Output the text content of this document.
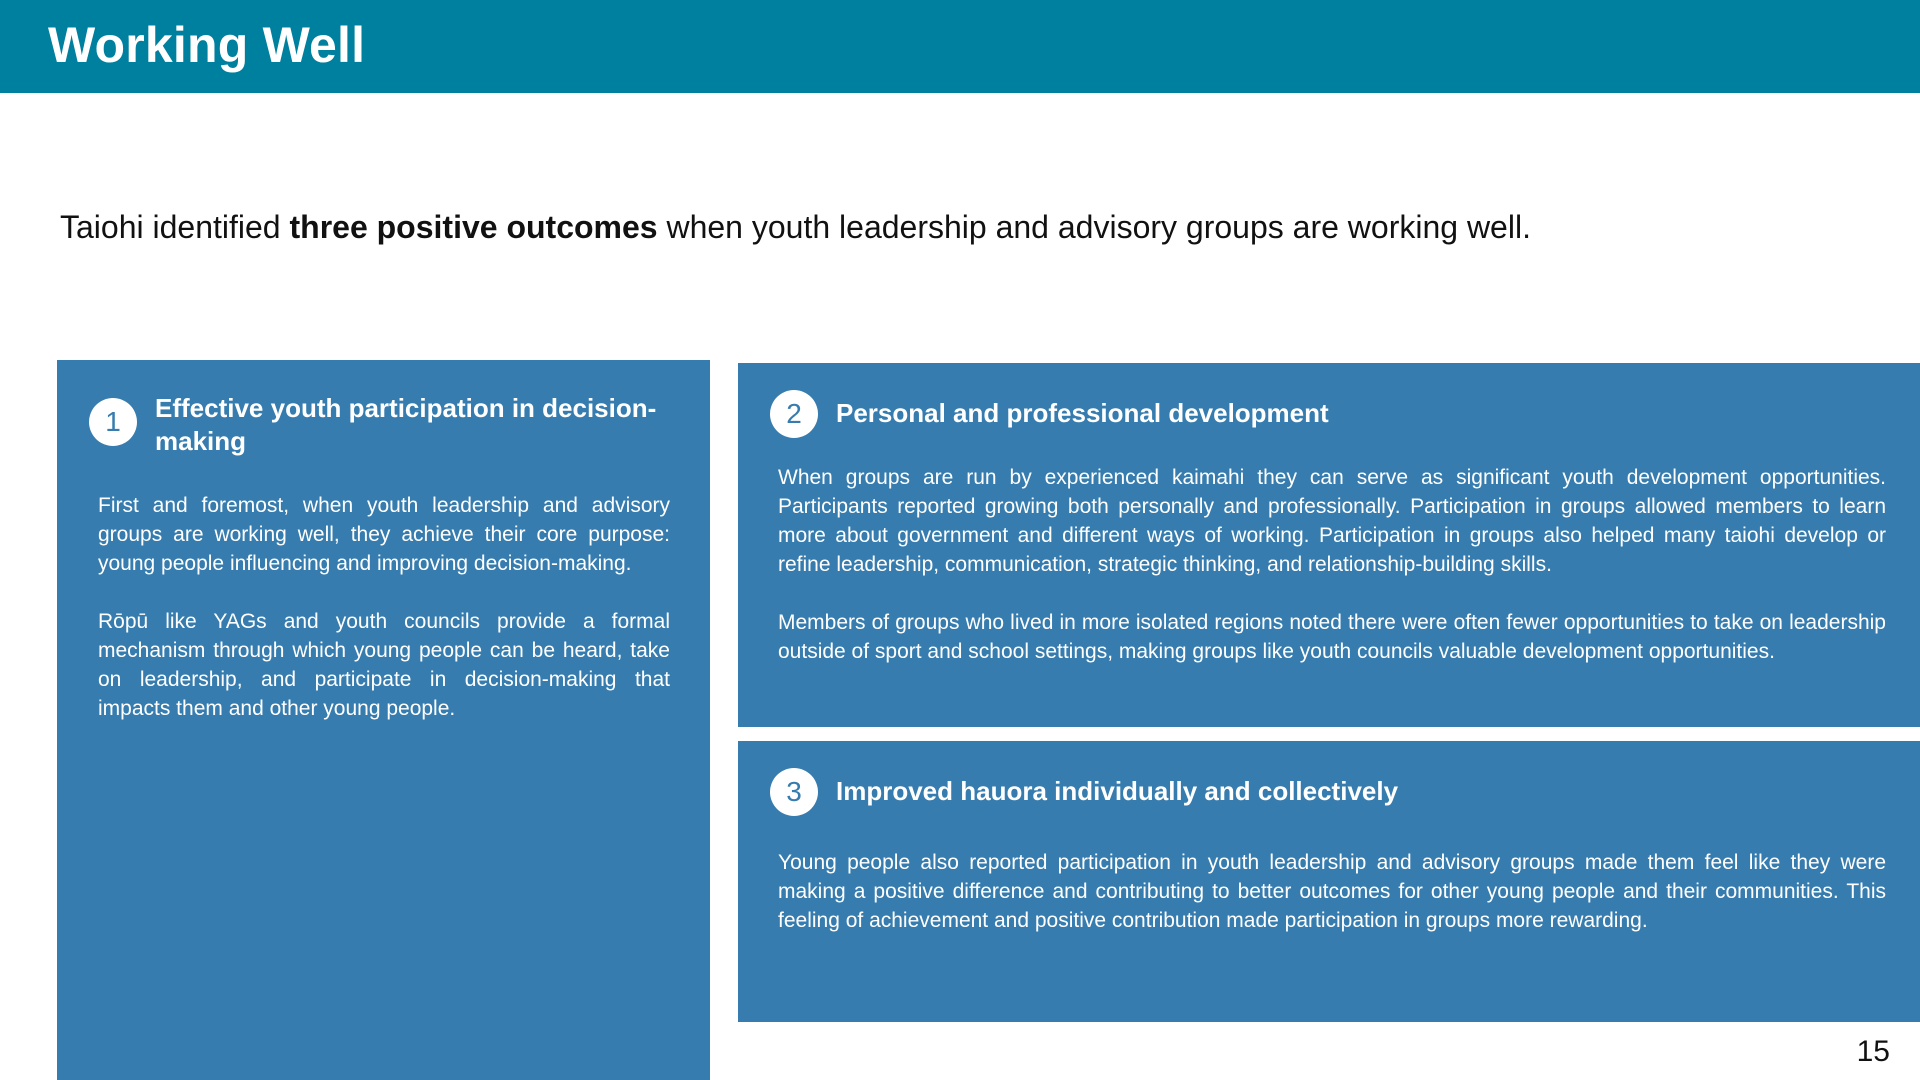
Working Well
Taiohi identified three positive outcomes when youth leadership and advisory groups are working well.
1	Effective youth participation in decision-making

First and foremost, when youth leadership and advisory groups are working well, they achieve their core purpose: young people influencing and improving decision-making.

Rōpū like YAGs and youth councils provide a formal mechanism through which young people can be heard, take on leadership, and participate in decision-making that impacts them and other young people.

2	Personal and professional development

When groups are run by experienced kaimahi they can serve as significant youth development opportunities. Participants reported growing both personally and professionally. Participation in groups allowed members to learn more about government and different ways of working. Participation in groups also helped many taiohi develop or refine leadership, communication, strategic thinking, and relationship-building skills.

Members of groups who lived in more isolated regions noted there were often fewer opportunities to take on leadership outside of sport and school settings, making groups like youth councils valuable development opportunities.

3	Improved hauora individually and collectively

Young people also reported participation in youth leadership and advisory groups made them feel like they were making a positive difference and contributing to better outcomes for other young people and their communities. This feeling of achievement and positive contribution made participation in groups more rewarding.

15
